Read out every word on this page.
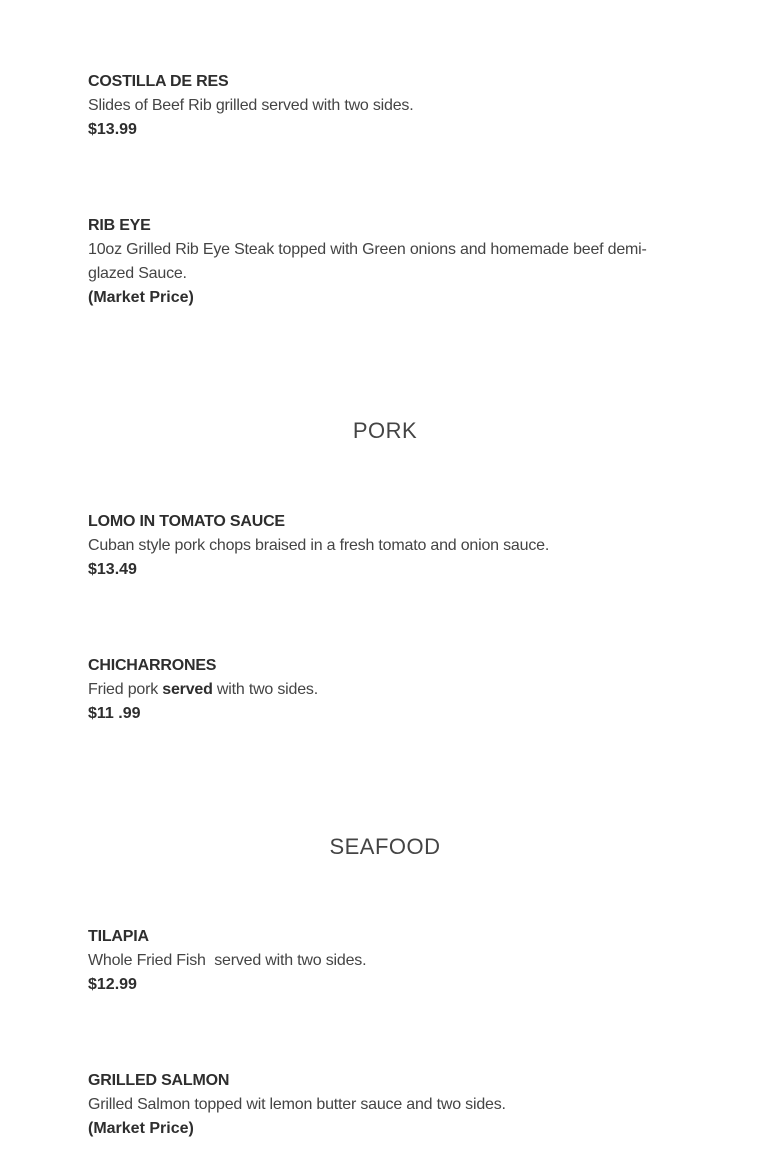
COSTILLA DE RES
Slides of Beef Rib grilled served with two sides.
$13.99
RIB EYE
10oz Grilled Rib Eye Steak topped with Green onions and homemade beef demi-
glazed Sauce.
(Market Price)
PORK
LOMO IN TOMATO SAUCE
Cuban style pork chops braised in a fresh tomato and onion sauce.
$13.49
CHICHARRONES
Fried pork served with two sides.
$11 .99
SEAFOOD
TILAPIA
Whole Fried Fish  served with two sides.
$12.99
GRILLED SALMON
Grilled Salmon topped wit lemon butter sauce and two sides.
(Market Price)
